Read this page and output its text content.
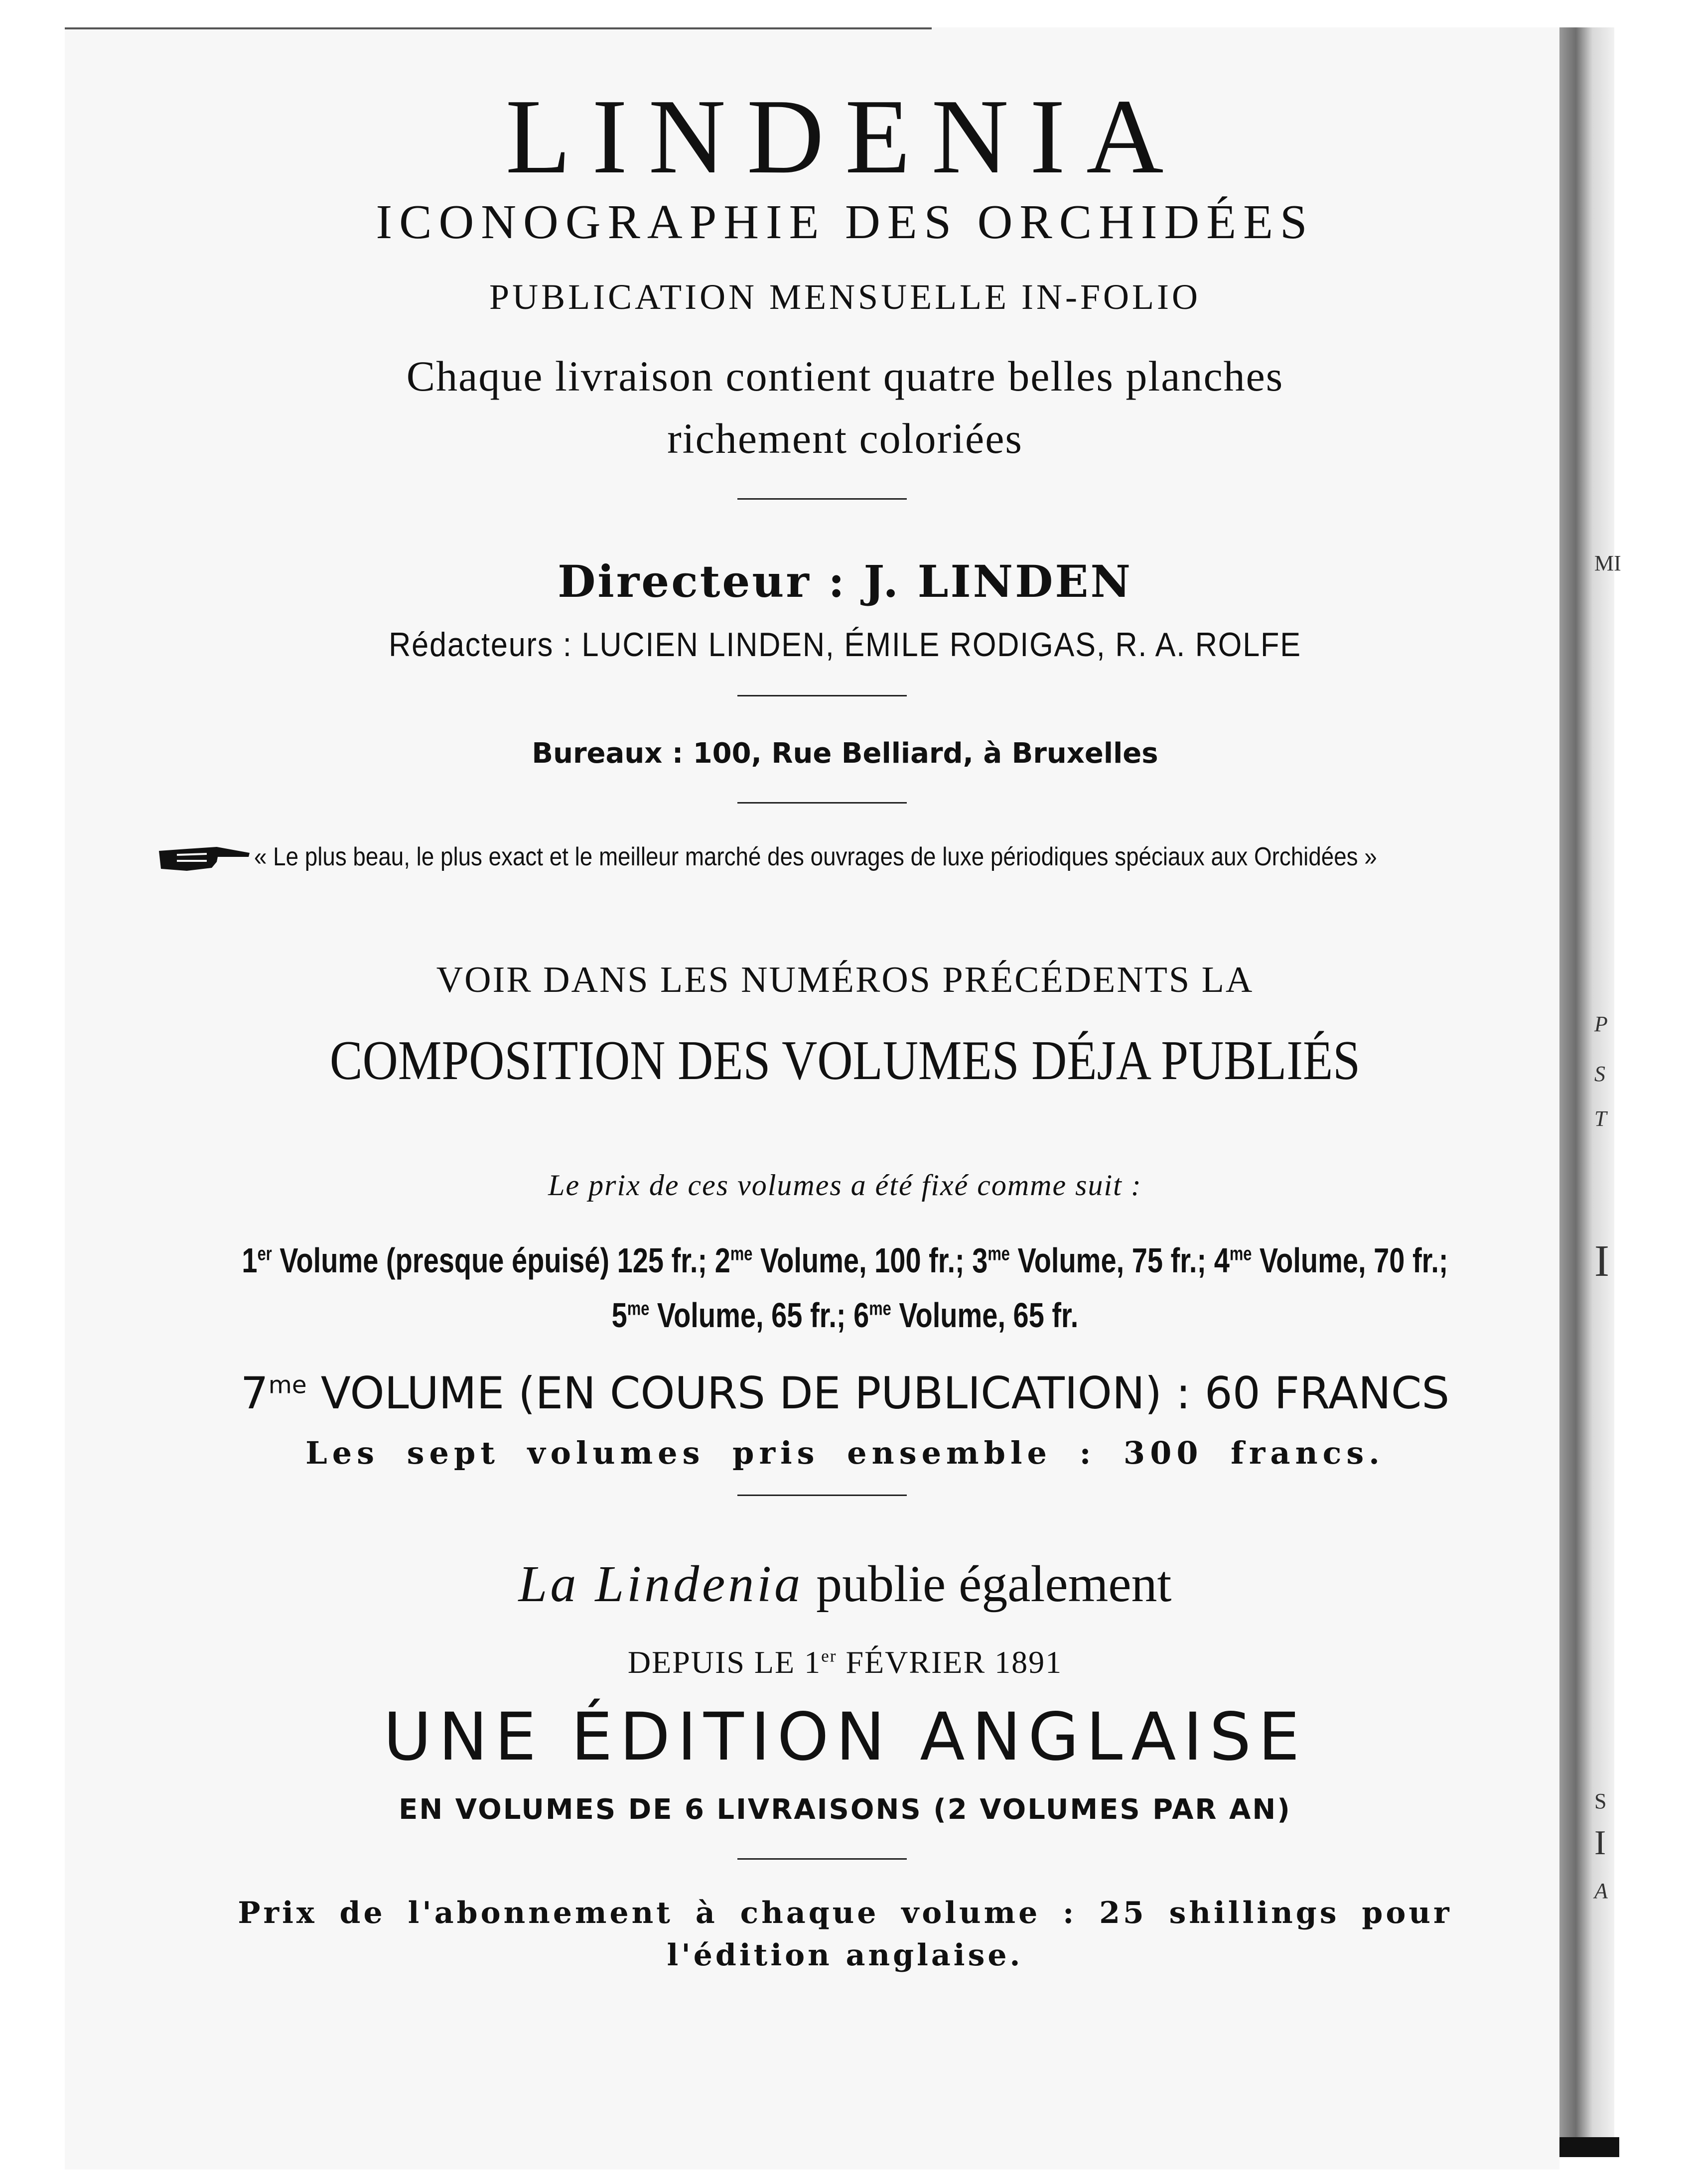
MI
P
S
T
I
S
I
A
LINDENIA
ICONOGRAPHIE DES ORCHIDÉES
PUBLICATION MENSUELLE IN-FOLIO
Chaque livraison contient quatre belles planches
richement coloriées
Directeur : J. LINDEN
Rédacteurs : LUCIEN LINDEN, ÉMILE RODIGAS, R. A. ROLFE
Bureaux : 100, Rue Belliard, à Bruxelles
« Le plus beau, le plus exact et le meilleur marché des ouvrages de luxe périodiques spéciaux aux Orchidées »
VOIR DANS LES NUMÉROS PRÉCÉDENTS LA
COMPOSITION DES VOLUMES DÉJA PUBLIÉS
Le prix de ces volumes a été fixé comme suit :
1er Volume (presque épuisé) 125 fr.; $2^{me}$ Volume, 100 fr.; $3^{me}$ Volume, 75 fr.; $4^{me}$ Volume, 70 fr.;
$5^{me}$ Volume, 65 fr.; $6^{me}$ Volume, 65 fr.
$7^{me}$ VOLUME (EN COURS DE PUBLICATION) : 60 FRANCS
Les sept volumes pris ensemble : 300 francs.
La Lindenia publie également
DEPUIS LE 1er FÉVRIER 1891
UNE ÉDITION ANGLAISE
EN VOLUMES DE 6 LIVRAISONS (2 VOLUMES PAR AN)
Prix de l'abonnement à chaque volume : 25 shillings pour
l'édition anglaise.
